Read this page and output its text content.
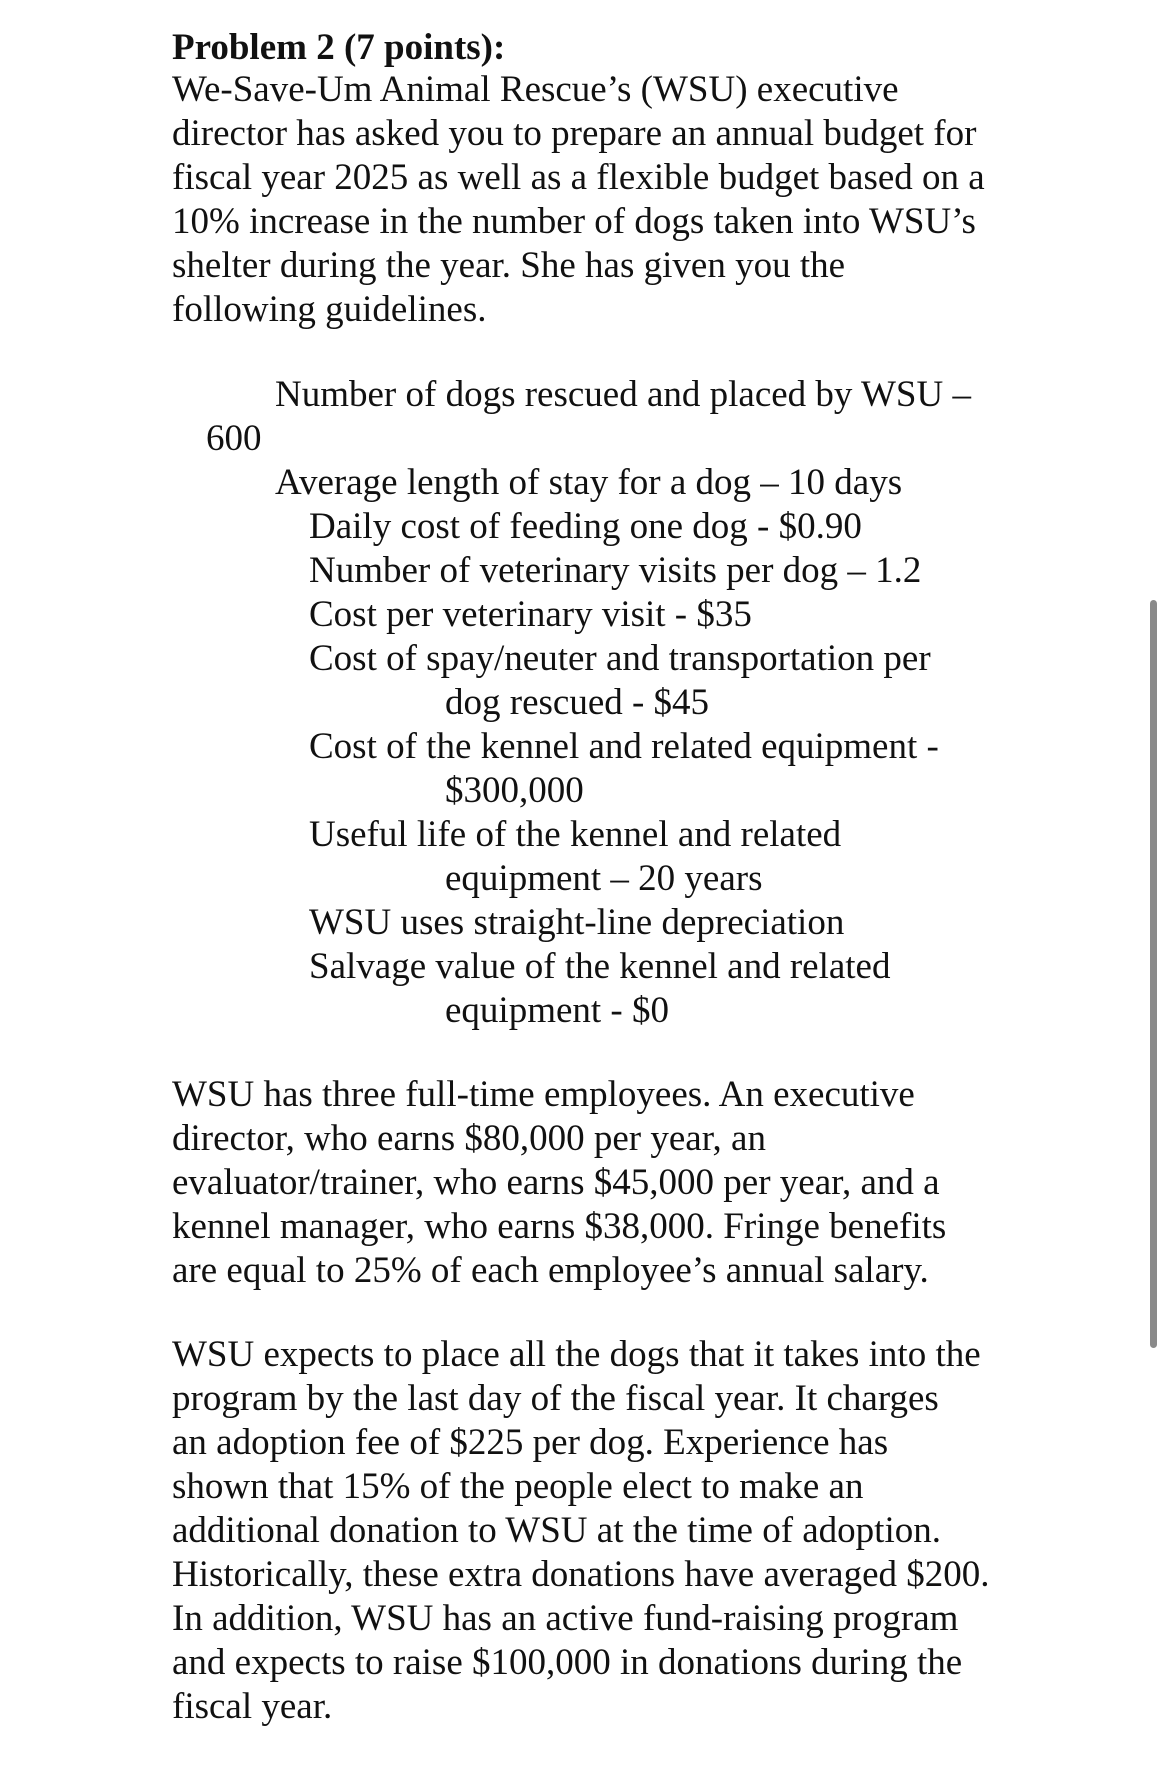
Problem 2 (7 points):
We-Save-Um Animal Rescue’s (WSU) executive
director has asked you to prepare an annual budget for
fiscal year 2025 as well as a flexible budget based on a
10% increase in the number of dogs taken into WSU’s
shelter during the year. She has given you the
following guidelines.
Number of dogs rescued and placed by WSU –
600
Average length of stay for a dog – 10 days
Daily cost of feeding one dog - $0.90
Number of veterinary visits per dog – 1.2
Cost per veterinary visit - $35
Cost of spay/neuter and transportation per
dog rescued - $45
Cost of the kennel and related equipment -
$300,000
Useful life of the kennel and related
equipment – 20 years
WSU uses straight-line depreciation
Salvage value of the kennel and related
equipment - $0
WSU has three full-time employees. An executive
director, who earns $80,000 per year, an
evaluator/trainer, who earns $45,000 per year, and a
kennel manager, who earns $38,000. Fringe benefits
are equal to 25% of each employee’s annual salary.
WSU expects to place all the dogs that it takes into the
program by the last day of the fiscal year. It charges
an adoption fee of $225 per dog. Experience has
shown that 15% of the people elect to make an
additional donation to WSU at the time of adoption.
Historically, these extra donations have averaged $200.
In addition, WSU has an active fund-raising program
and expects to raise $100,000 in donations during the
fiscal year.
